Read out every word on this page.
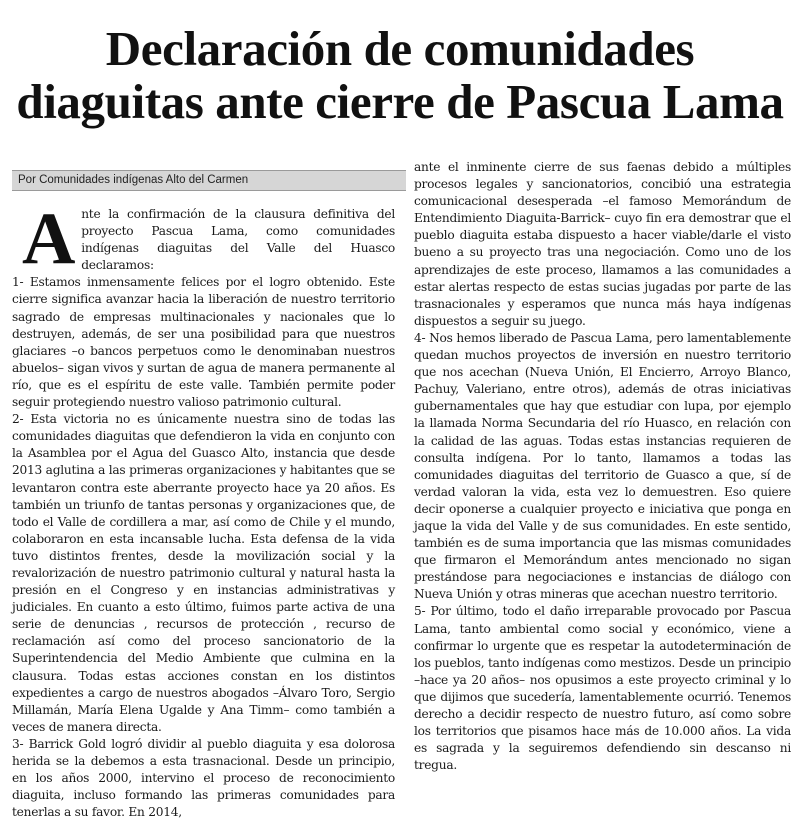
Declaración de comunidades
diaguitas ante cierre de Pascua Lama
Por Comunidades indígenas Alto del Carmen
A nte la confirmación de la clausura definitiva del proyecto Pascua Lama, como comunidades indígenas diaguitas del Valle del Huasco declaramos:

1- Estamos inmensamente felices por el logro obtenido. Este cierre significa avanzar hacia la liberación de nuestro territorio sagrado de empresas multinacionales y nacionales que lo destruyen, además, de ser una posibilidad para que nuestros glaciares –o bancos perpetuos como le denominaban nuestros abuelos– sigan vivos y surtan de agua de manera permanente al río, que es el espíritu de este valle. También permite poder seguir protegiendo nuestro valioso patrimonio cultural.

2- Esta victoria no es únicamente nuestra sino de todas las comunidades diaguitas que defendieron la vida en conjunto con la Asamblea por el Agua del Guasco Alto, instancia que desde 2013 aglutina a las primeras organizaciones y habitantes que se levantaron contra este aberrante proyecto hace ya 20 años. Es también un triunfo de tantas personas y organizaciones que, de todo el Valle de cordillera a mar, así como de Chile y el mundo, colaboraron en esta incansable lucha. Esta defensa de la vida tuvo distintos frentes, desde la movilización social y la revalorización de nuestro patrimonio cultural y natural hasta la presión en el Congreso y en instancias administrativas y judiciales. En cuanto a esto último, fuimos parte activa de una serie de denuncias , recursos de protección , recurso de reclamación así como del proceso sancionatorio de la Superintendencia del Medio Ambiente que culmina en la clausura. Todas estas acciones constan en los distintos expedientes a cargo de nuestros abogados –Álvaro Toro, Sergio Millamán, María Elena Ugalde y Ana Timm– como también a veces de manera directa.

3- Barrick Gold logró dividir al pueblo diaguita y esa dolorosa herida se la debemos a esta trasnacional. Desde un principio, en los años 2000, intervino el proceso de reconocimiento diaguita, incluso formando las primeras comunidades para tenerlas a su favor. En 2014,

ante el inminente cierre de sus faenas debido a múltiples procesos legales y sancionatorios, concibió una estrategia comunicacional desesperada –el famoso Memorándum de Entendimiento Diaguita-Barrick– cuyo fin era demostrar que el pueblo diaguita estaba dispuesto a hacer viable/darle el visto bueno a su proyecto tras una negociación. Como uno de los aprendizajes de este proceso, llamamos a las comunidades a estar alertas respecto de estas sucias jugadas por parte de las trasnacionales y esperamos que nunca más haya indígenas dispuestos a seguir su juego.

4- Nos hemos liberado de Pascua Lama, pero lamentablemente quedan muchos proyectos de inversión en nuestro territorio que nos acechan (Nueva Unión, El Encierro, Arroyo Blanco, Pachuy, Valeriano, entre otros), además de otras iniciativas gubernamentales que hay que estudiar con lupa, por ejemplo la llamada Norma Secundaria del río Huasco, en relación con la calidad de las aguas. Todas estas instancias requieren de consulta indígena. Por lo tanto, llamamos a todas las comunidades diaguitas del territorio de Guasco a que, sí de verdad valoran la vida, esta vez lo demuestren. Eso quiere decir oponerse a cualquier proyecto e iniciativa que ponga en jaque la vida del Valle y de sus comunidades. En este sentido, también es de suma importancia que las mismas comunidades que firmaron el Memorándum antes mencionado no sigan prestándose para negociaciones e instancias de diálogo con Nueva Unión y otras mineras que acechan nuestro territorio.

5- Por último, todo el daño irreparable provocado por Pascua Lama, tanto ambiental como social y económico, viene a confirmar lo urgente que es respetar la autodeterminación de los pueblos, tanto indígenas como mestizos. Desde un principio –hace ya 20 años– nos opusimos a este proyecto criminal y lo que dijimos que sucedería, lamentablemente ocurrió. Tenemos derecho a decidir respecto de nuestro futuro, así como sobre los territorios que pisamos hace más de 10.000 años. La vida es sagrada y la seguiremos defendiendo sin descanso ni tregua.
